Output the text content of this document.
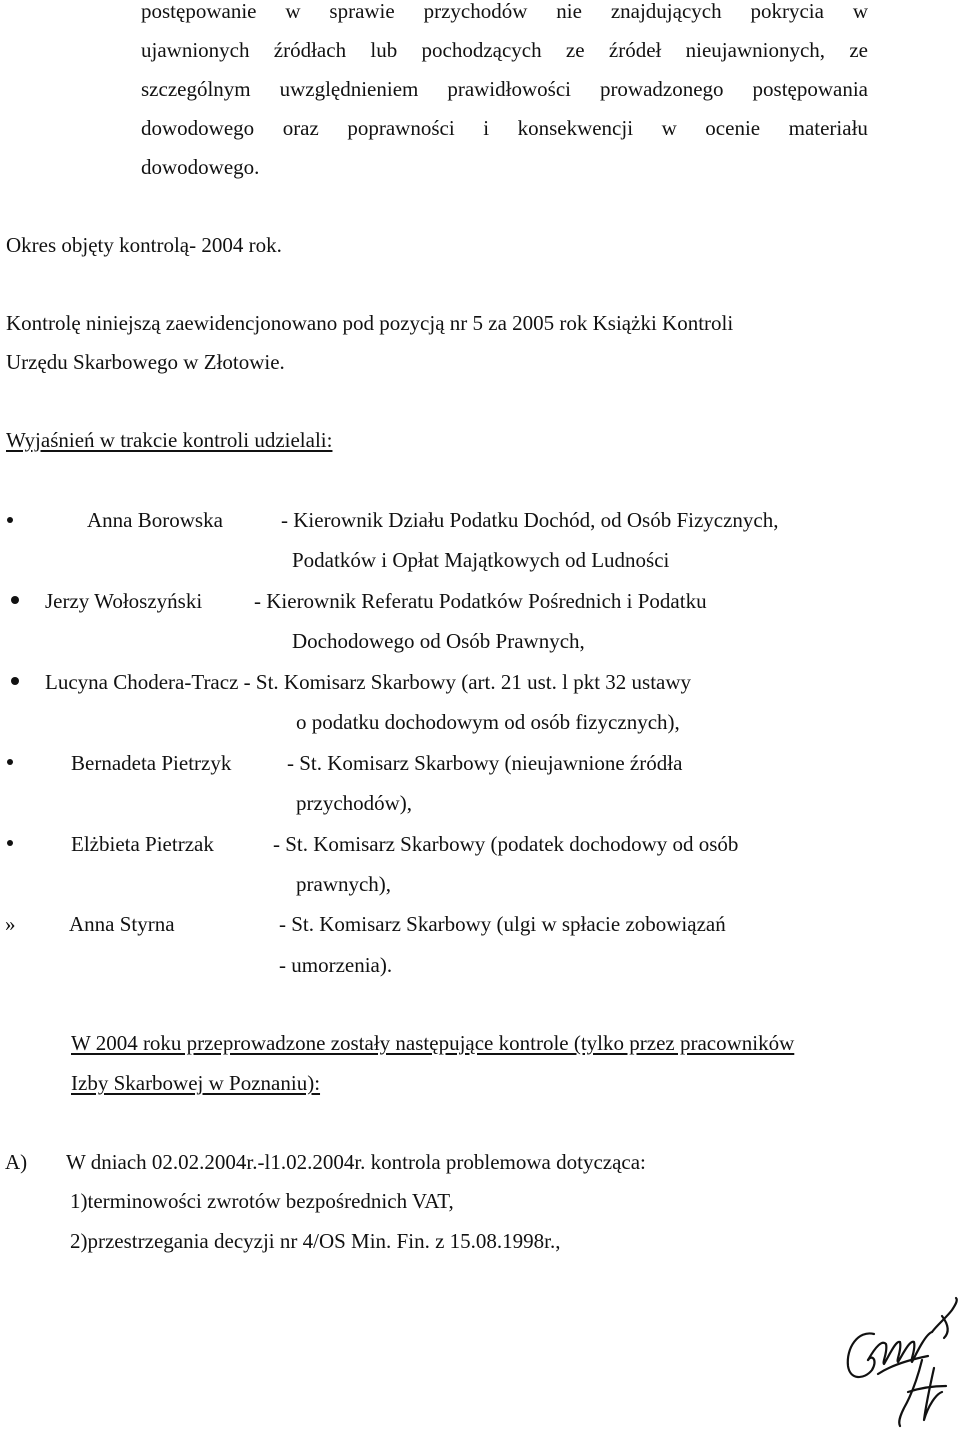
postępowanie w sprawie przychodów nie znajdujących pokrycia w
ujawnionych źródłach lub pochodzących ze źródeł nieujawnionych, ze
szczególnym uwzględnieniem prawidłowości prowadzonego postępowania
dowodowego oraz poprawności i konsekwencji w ocenie materiału

dowodowego.

Okres objęty kontrolą- 2004 rok.

Kontrolę niniejszą zaewidencjonowano pod pozycją nr 5 za 2005 rok Książki Kontroli

Urzędu Skarbowego w Złotowie.

Wyjaśnień w trakcie kontroli udzielali:

Anna Borowska	- Kierownik Działu Podatku Dochód, od Osób Fizycznych,

Podatków i Opłat Majątkowych od Ludności

Jerzy Wołoszyński - Kierownik Referatu Podatków Pośrednich i Podatku

Dochodowego od Osób Prawnych,

Lucyna Chodera-Tracz - St. Komisarz Skarbowy (art. 21 ust. l pkt 32 ustawy

o podatku dochodowym od osób fizycznych),

Bernadeta Pietrzyk	- St. Komisarz Skarbowy (nieujawnione źródła

przychodów),

Elżbieta Pietrzak	- St. Komisarz Skarbowy (podatek dochodowy od osób

prawnych),

»	Anna Styrna	- St. Komisarz Skarbowy (ulgi w spłacie zobowiązań

- umorzenia).

W 2004 roku przeprowadzone zostały następujące kontrole (tylko przez pracowników

Izby Skarbowej w Poznaniu):

A) W dniach 02.02.2004r.-l1.02.2004r. kontrola problemowa dotycząca:

1)terminowości zwrotów bezpośrednich VAT,

2)przestrzegania decyzji nr 4/OS Min. Fin. z 15.08.1998r.,
